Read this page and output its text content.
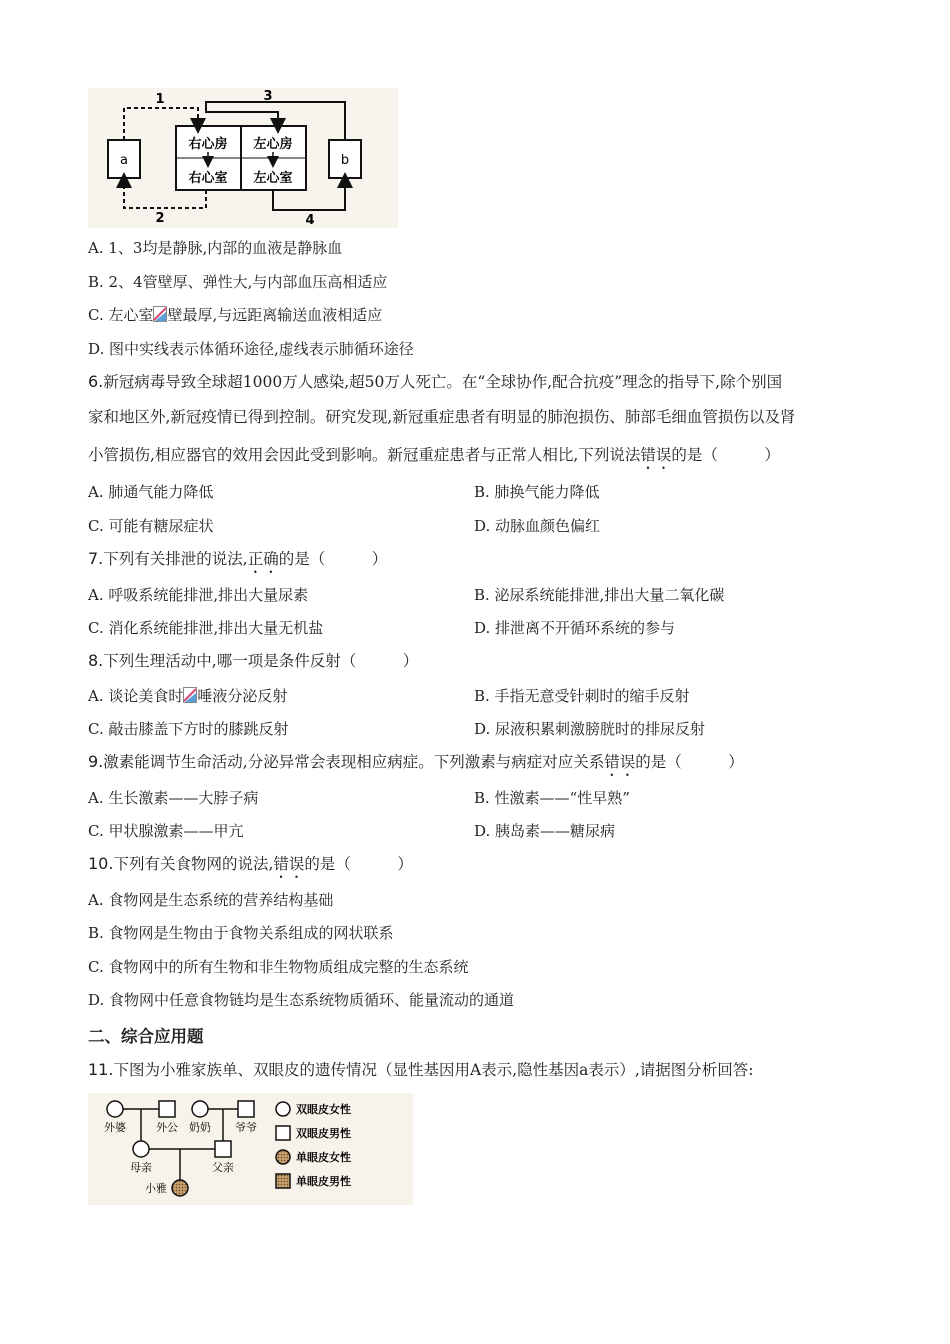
a	b
右心房 左心房
右心室 左心室
1	3
2	4
A. 1、3均是静脉,内部的血液是静脉血
B. 2、4管壁厚、弹性大,与内部血压高相适应
C. 左心室 壁最厚,与远距离输送血液相适应
D. 图中实线表示体循环途径,虚线表示肺循环途径
6.新冠病毒导致全球超1000万人感染,超50万人死亡。在“全球协作,配合抗疫”理念的指导下,除个别国
家和地区外,新冠疫情已得到控制。研究发现,新冠重症患者有明显的肺泡损伤、肺部毛细血管损伤以及肾
小管损伤,相应器官的效用会因此受到影响。新冠重症患者与正常人相比,下列说法错误的是（　　　）
A. 肺通气能力降低	B. 肺换气能力降低
C. 可能有糖尿症状	D. 动脉血颜色偏红
7.下列有关排泄的说法,正确的是（　　　）
A. 呼吸系统能排泄,排出大量尿素	B. 泌尿系统能排泄,排出大量二氧化碳
C. 消化系统能排泄,排出大量无机盐	D. 排泄离不开循环系统的参与
8.下列生理活动中,哪一项是条件反射（　　　）
A. 谈论美食时 唾液分泌反射	B. 手指无意受针刺时的缩手反射
C. 敲击膝盖下方时的膝跳反射	D. 尿液积累刺激膀胱时的排尿反射
9.激素能调节生命活动,分泌异常会表现相应病症。下列激素与病症对应关系错误的是（　　　）
A. 生长激素——大脖子病	B. 性激素——“性早熟”
C. 甲状腺激素——甲亢	D. 胰岛素——糖尿病
10.下列有关食物网的说法,错误的是（　　　）
A. 食物网是生态系统的营养结构基础
B. 食物网是生物由于食物关系组成的网状联系
C. 食物网中的所有生物和非生物物质组成完整的生态系统
D. 食物网中任意食物链均是生态系统物质循环、能量流动的通道
二、综合应用题
11.下图为小雅家族单、双眼皮的遗传情况（显性基因用A表示,隐性基因a表示）,请据图分析回答:
外婆	外公 奶奶 爷爷
母亲	父亲
小雅
双眼皮女性
双眼皮男性
单眼皮女性
单眼皮男性
